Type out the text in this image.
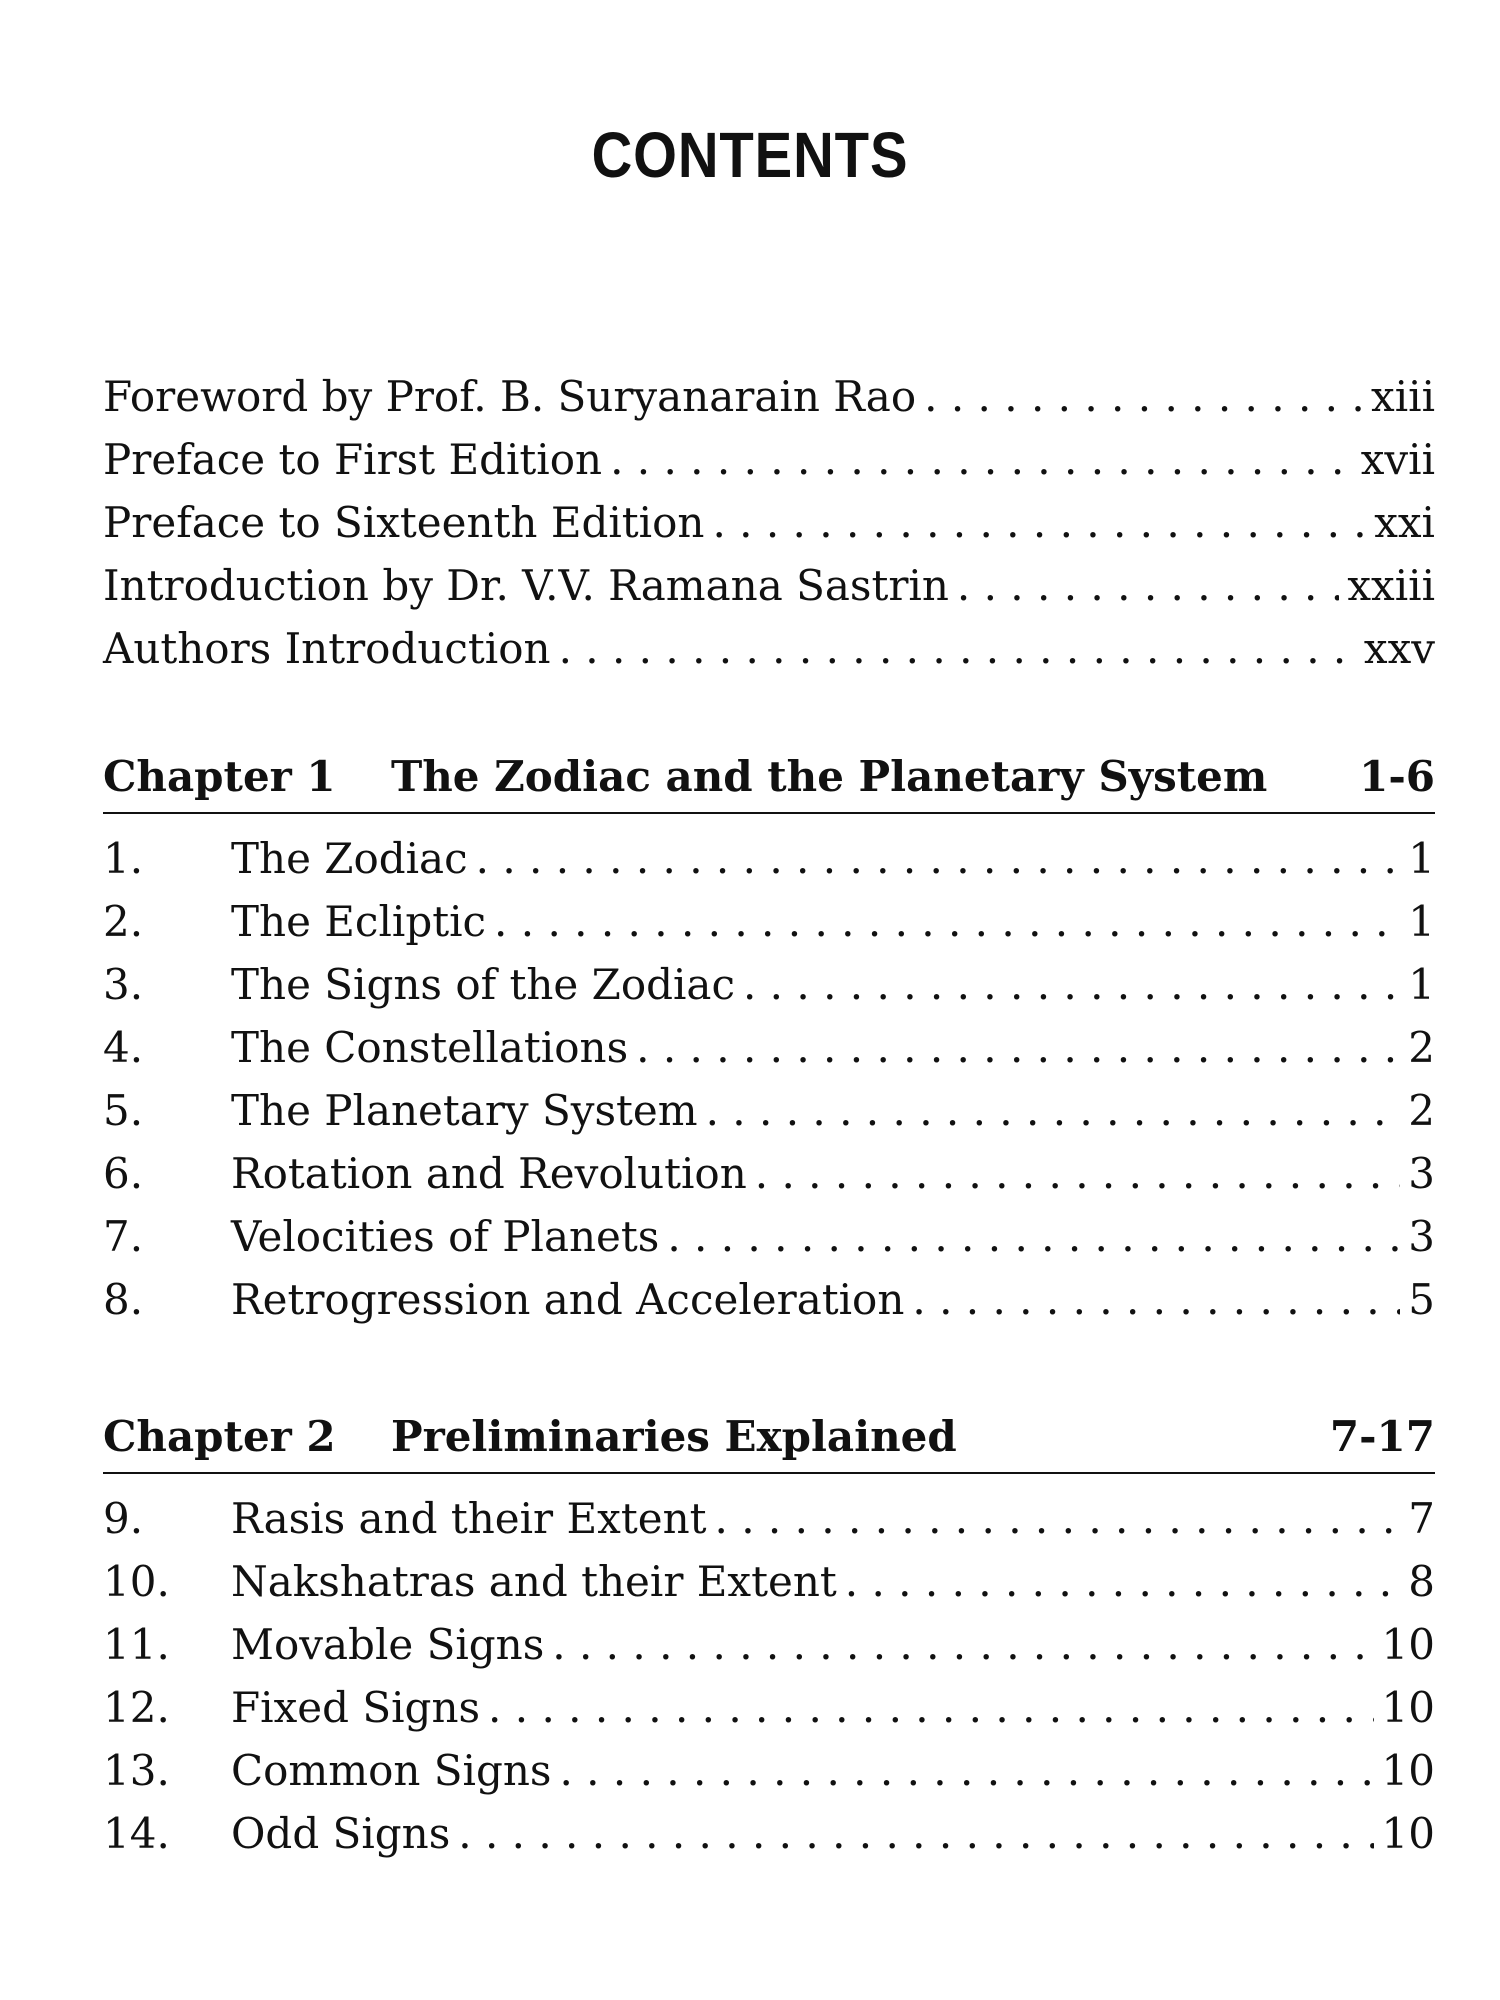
CONTENTS
Foreword by Prof. B. Suryanarain Rao . . .	xiii
Preface to First Edition . . .	xvii
Preface to Sixteenth Edition . . .	xxi
Introduction by Dr. V.V. Ramana Sastrin . . .	xxiii
Authors Introduction . . .	xxv
Chapter 1	The Zodiac and the Planetary System	1-6
1.	The Zodiac . . .	1
2.	The Ecliptic . . .	1
3.	The Signs of the Zodiac . . .	1
4.	The Constellations . . .	2
5.	The Planetary System . . .	2
6.	Rotation and Revolution . . .	3
7.	Velocities of Planets . . .	3
8.	Retrogression and Acceleration . . .	5
Chapter 2	Preliminaries Explained	7-17
9.	Rasis and their Extent . . .	7
10.	Nakshatras and their Extent . . .	8
11.	Movable Signs . . .	10
12.	Fixed Signs . . .	10
13.	Common Signs . . .	10
14.	Odd Signs . . .	10
